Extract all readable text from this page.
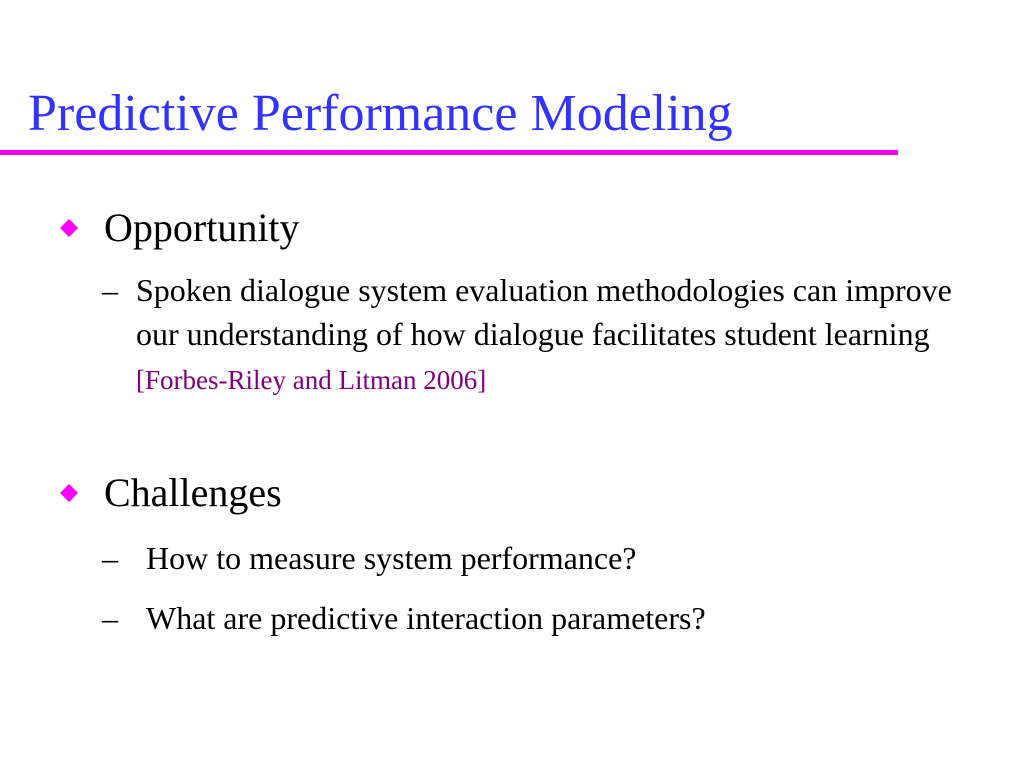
Predictive Performance Modeling
Opportunity
– Spoken dialogue system evaluation methodologies can improve our understanding of how dialogue facilitates student learning [Forbes-Riley and Litman 2006]
Challenges
– How to measure system performance?
– What are predictive interaction parameters?
